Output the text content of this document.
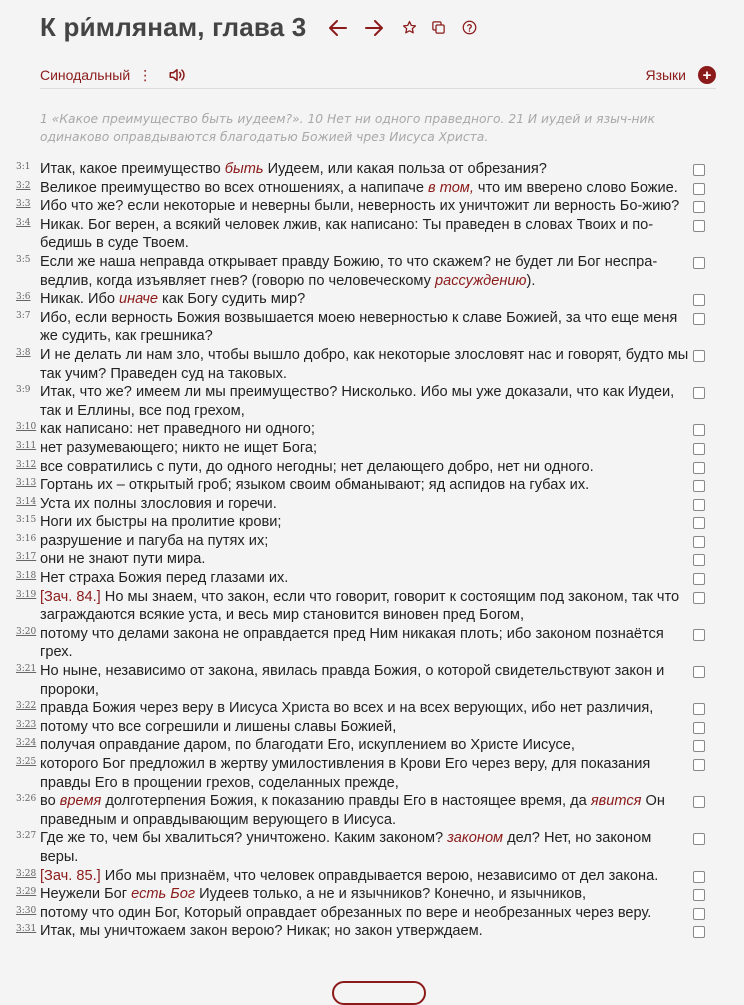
К ри́млянам, глава 3
Синодальный ⋮	Языки	+
1 «Какое преимущество быть иудеем?». 10 Нет ни одного праведного. 21 И иудей и языч-ник одинаково оправдываются благодатью Божией чрез Иисуса Христа.
3:1 Итак, какое преимущество быть Иудеем, или какая польза от обрезания?
3:2 Великое преимущество во всех отношениях, а напипаче в том, что им вверено слово Божие.
3:3 Ибо что же? если некоторые и неверны были, неверность их уничтожит ли верность Бо-жию?
3:4 Никак. Бог верен, а всякий человек лжив, как написано: Ты праведен в словах Твоих и по-бедишь в суде Твоем.
3:5 Если же наша неправда открывает правду Божию, то что скажем? не будет ли Бог неспра-ведлив, когда изъявляет гнев? (говорю по человеческому рассуждению).
3:6 Никак. Ибо иначе как Богу судить мир?
3:7 Ибо, если верность Божия возвышается моею неверностью к славе Божией, за что еще меня же судить, как грешника?
3:8 И не делать ли нам зло, чтобы вышло добро, как некоторые злословят нас и говорят, будто мы так учим? Праведен суд на таковых.
3:9 Итак, что же? имеем ли мы преимущество? Нисколько. Ибо мы уже доказали, что как Иудеи, так и Еллины, все под грехом,
3:10 как написано: нет праведного ни одного;
3:11 нет разумевающего; никто не ищет Бога;
3:12 все совратились с пути, до одного негодны; нет делающего добро, нет ни одного.
3:13 Гортань их – открытый гроб; языком своим обманывают; яд аспидов на губах их.
3:14 Уста их полны злословия и горечи.
3:15 Ноги их быстры на пролитие крови;
3:16 разрушение и пагуба на путях их;
3:17 они не знают пути мира.
3:18 Нет страха Божия перед глазами их.
3:19 [Зач. 84.] Но мы знаем, что закон, если что говорит, говорит к состоящим под законом, так что заграждаются всякие уста, и весь мир становится виновен пред Богом,
3:20 потому что делами закона не оправдается пред Ним никакая плоть; ибо законом познаётся грех.
3:21 Но ныне, независимо от закона, явилась правда Божия, о которой свидетельствуют закон и пророки,
3:22 правда Божия через веру в Иисуса Христа во всех и на всех верующих, ибо нет различия,
3:23 потому что все согрешили и лишены славы Божией,
3:24 получая оправдание даром, по благодати Его, искуплением во Христе Иисусе,
3:25 которого Бог предложил в жертву умилостивления в Крови Его через веру, для показания правды Его в прощении грехов, соделанных прежде,
3:26 во время долготерпения Божия, к показанию правды Его в настоящее время, да явится Он праведным и оправдывающим верующего в Иисуса.
3:27 Где же то, чем бы хвалиться? уничтожено. Каким законом? законом дел? Нет, но законом веры.
3:28 [Зач. 85.] Ибо мы признаём, что человек оправдывается верою, независимо от дел закона.
3:29 Неужели Бог есть Бог Иудеев только, а не и язычников? Конечно, и язычников,
3:30 потому что один Бог, Который оправдает обрезанных по вере и необрезанных через веру.
3:31 Итак, мы уничтожаем закон верою? Никак; но закон утверждаем.
